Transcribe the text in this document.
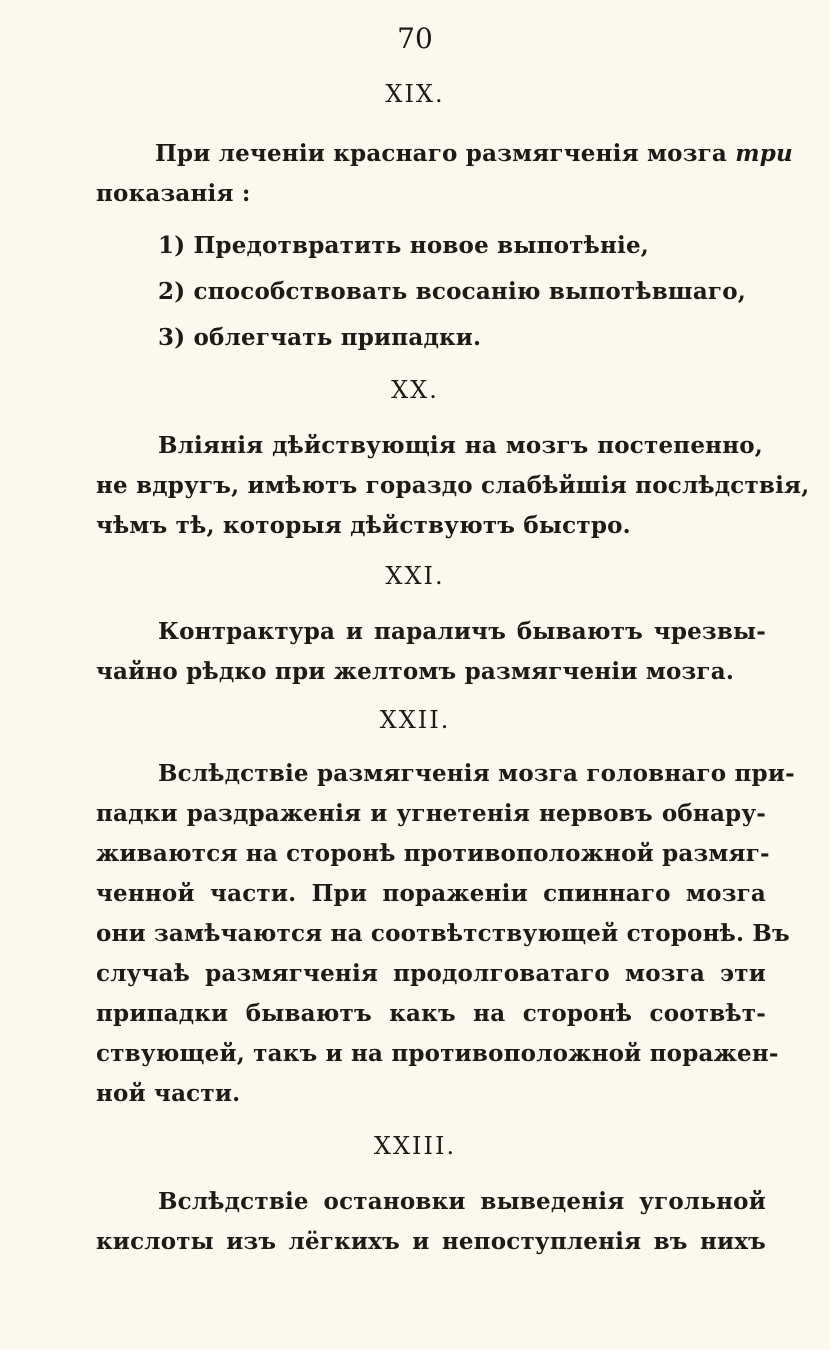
70
XIX.
При леченіи краснаго размягченія мозга три
показанія :
1) Предотвратить новое выпотѣніе,
2) способствовать всосанію выпотѣвшаго,
3) облегчать припадки.
XX.
Вліянія дѣйствующія на мозгъ постепенно,
не вдругъ, имѣютъ гораздо слабѣйшія послѣдствія,
чѣмъ тѣ, которыя дѣйствуютъ быстро.
XXI.
Контрактура и параличъ бываютъ чрезвы-
чайно рѣдко при желтомъ размягченіи мозга.
XXII.
Вслѣдствіе размягченія мозга головнаго при-
падки раздраженія и угнетенія нервовъ обнару-
живаются на сторонѣ противоположной размяг-
ченной части. При пораженіи спиннаго мозга
они замѣчаются на соотвѣтствующей сторонѣ. Въ
случаѣ размягченія продолговатаго мозга эти
припадки бываютъ какъ на сторонѣ соотвѣт-
ствующей, такъ и на противоположной поражен-
ной части.
XXIII.
Вслѣдствіе остановки выведенія угольной
кислоты изъ лёгкихъ и непоступленія въ нихъ
